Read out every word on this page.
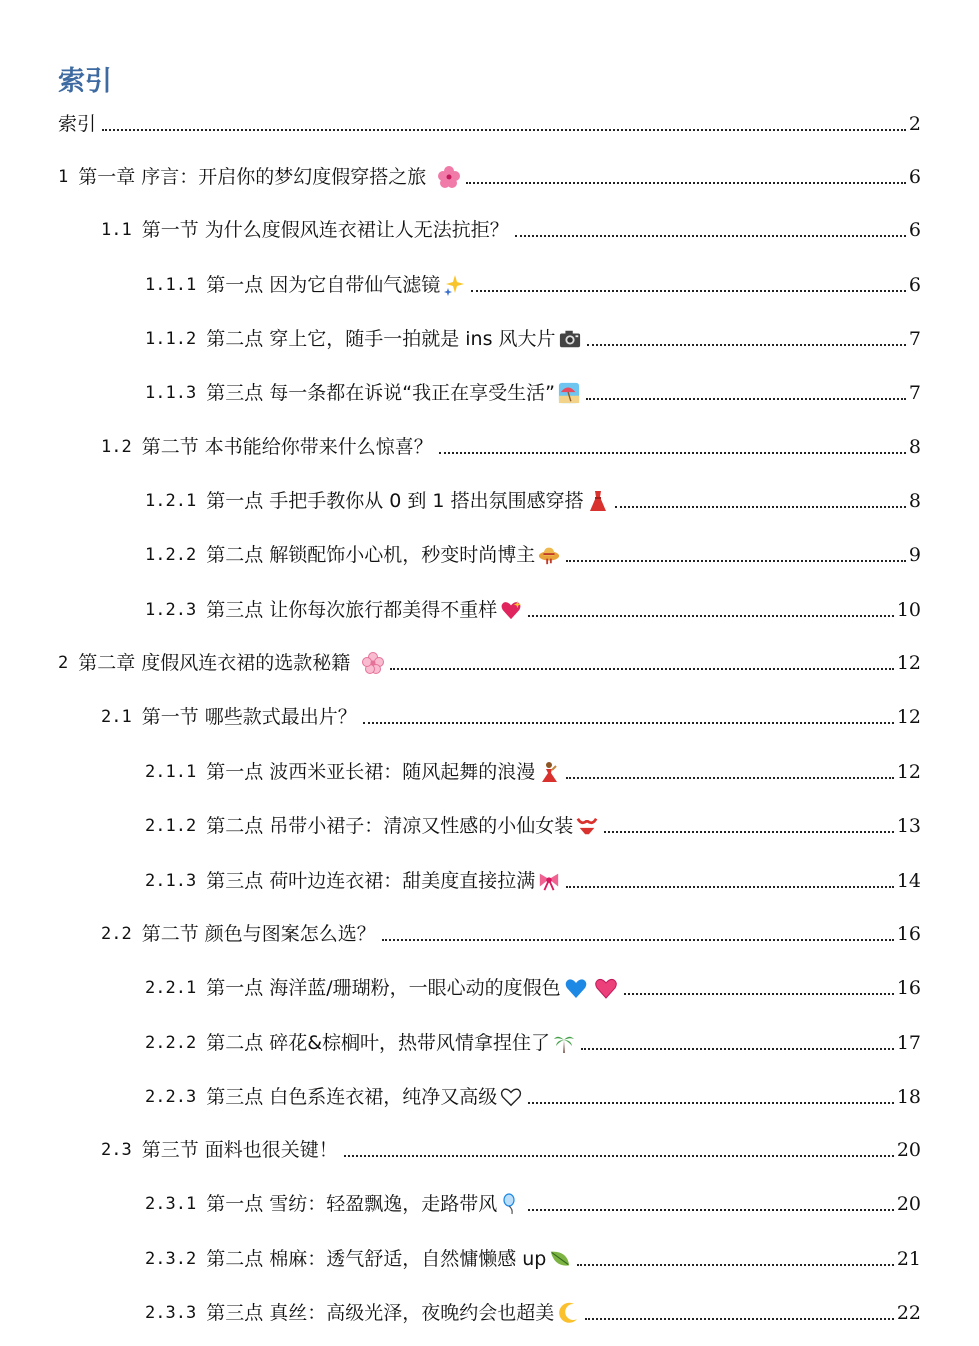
索引
索引	2
1 第一章 序言：开启你的梦幻度假穿搭之旅	6
1.1 第一节 为什么度假风连衣裙让人无法抗拒？	6
1.1.1 第一点 因为它自带仙气滤镜	6
1.1.2 第二点 穿上它，随手一拍就是 ins 风大片	7
1.1.3 第三点 每一条都在诉说“我正在享受生活”	7
1.2 第二节 本书能给你带来什么惊喜？	8
1.2.1 第一点 手把手教你从 0 到 1 搭出氛围感穿搭	8
1.2.2 第二点 解锁配饰小心机，秒变时尚博主	9
1.2.3 第三点 让你每次旅行都美得不重样	10
2 第二章 度假风连衣裙的选款秘籍	12
2.1 第一节 哪些款式最出片？	12
2.1.1 第一点 波西米亚长裙：随风起舞的浪漫	12
2.1.2 第二点 吊带小裙子：清凉又性感的小仙女装	13
2.1.3 第三点 荷叶边连衣裙：甜美度直接拉满	14
2.2 第二节 颜色与图案怎么选？	16
2.2.1 第一点 海洋蓝/珊瑚粉，一眼心动的度假色	16
2.2.2 第二点 碎花&棕榈叶，热带风情拿捏住了	17
2.2.3 第三点 白色系连衣裙，纯净又高级	18
2.3 第三节 面料也很关键！	20
2.3.1 第一点 雪纺：轻盈飘逸，走路带风	20
2.3.2 第二点 棉麻：透气舒适，自然慵懒感 up	21
2.3.3 第三点 真丝：高级光泽，夜晚约会也超美	22
